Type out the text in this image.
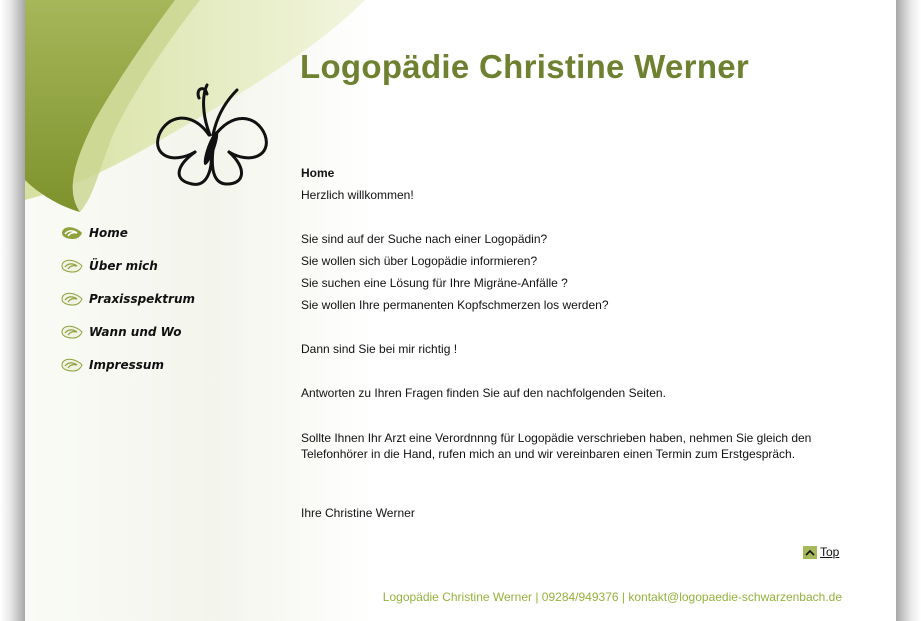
Logopädie Christine Werner
Home
Über mich
Praxisspektrum
Wann und Wo
Impressum

Home

Herzlich willkommen!

Sie sind auf der Suche nach einer Logopädin?

Sie wollen sich über Logopädie informieren?

Sie suchen eine Lösung für Ihre Migräne-Anfälle ?

Sie wollen Ihre permanenten Kopfschmerzen los werden?

Dann sind Sie bei mir richtig !

Antworten zu Ihren Fragen finden Sie auf den nachfolgenden Seiten.

Sollte Ihnen Ihr Arzt eine Verordnnng für Logopädie verschrieben haben, nehmen Sie gleich den Telefonhörer in die Hand, rufen mich an und wir vereinbaren einen Termin zum Erstgespräch.

Ihre Christine Werner

Top
Logopädie Christine Werner | 09284/949376 | kontakt@logopaedie-schwarzenbach.de
